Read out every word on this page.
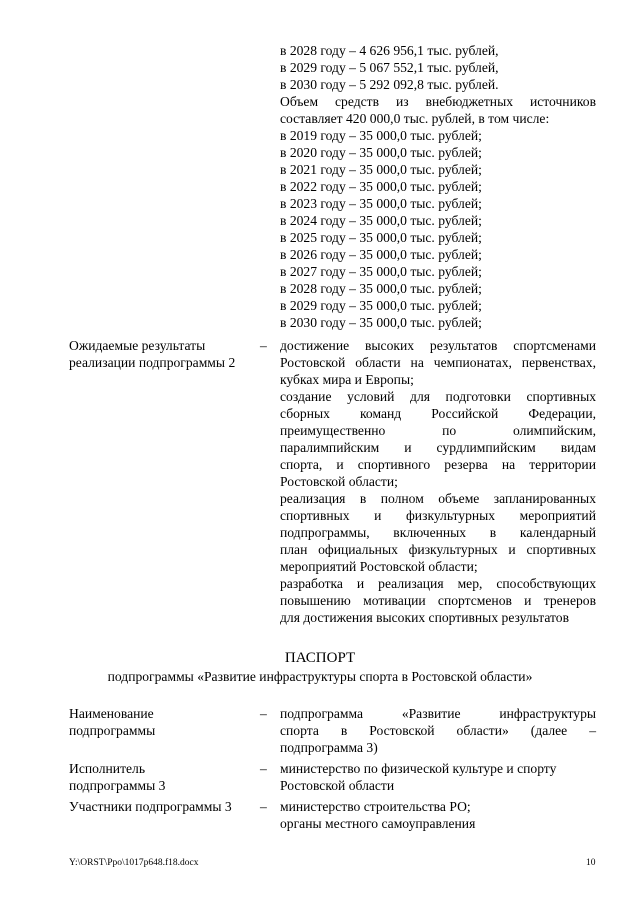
в 2028 году – 4 626 956,1 тыс. рублей,
в 2029 году – 5 067 552,1 тыс. рублей,
в 2030 году – 5 292 092,8 тыс. рублей.
Объем средств из внебюджетных источников
составляет 420 000,0 тыс. рублей, в том числе:
в 2019 году – 35 000,0 тыс. рублей;
в 2020 году – 35 000,0 тыс. рублей;
в 2021 году – 35 000,0 тыс. рублей;
в 2022 году – 35 000,0 тыс. рублей;
в 2023 году – 35 000,0 тыс. рублей;
в 2024 году – 35 000,0 тыс. рублей;
в 2025 году – 35 000,0 тыс. рублей;
в 2026 году – 35 000,0 тыс. рублей;
в 2027 году – 35 000,0 тыс. рублей;
в 2028 году – 35 000,0 тыс. рублей;
в 2029 году – 35 000,0 тыс. рублей;
в 2030 году – 35 000,0 тыс. рублей;
Ожидаемые результаты
реализации подпрограммы 2
– достижение высоких результатов спортсменами
Ростовской области на чемпионатах, первенствах,
кубках мира и Европы;
создание условий для подготовки спортивных
сборных команд Российской Федерации,
преимущественно по олимпийским,
паралимпийским и сурдлимпийским видам
спорта, и спортивного резерва на территории
Ростовской области;
реализация в полном объеме запланированных
спортивных и физкультурных мероприятий
подпрограммы, включенных в календарный
план официальных физкультурных и спортивных
мероприятий Ростовской области;
разработка и реализация мер, способствующих
повышению мотивации спортсменов и тренеров
для достижения высоких спортивных результатов
ПАСПОРТ
подпрограммы «Развитие инфраструктуры спорта в Ростовской области»
Наименование
подпрограммы
– подпрограмма «Развитие инфраструктуры
спорта в Ростовской области» (далее –
подпрограмма 3)
Исполнитель
подпрограммы 3
– министерство по физической культуре и спорту
Ростовской области
Участники подпрограммы 3 – министерство строительства РО;
органы местного самоуправления
Y:\ORST\Ppo\1017p648.f18.docx	10
